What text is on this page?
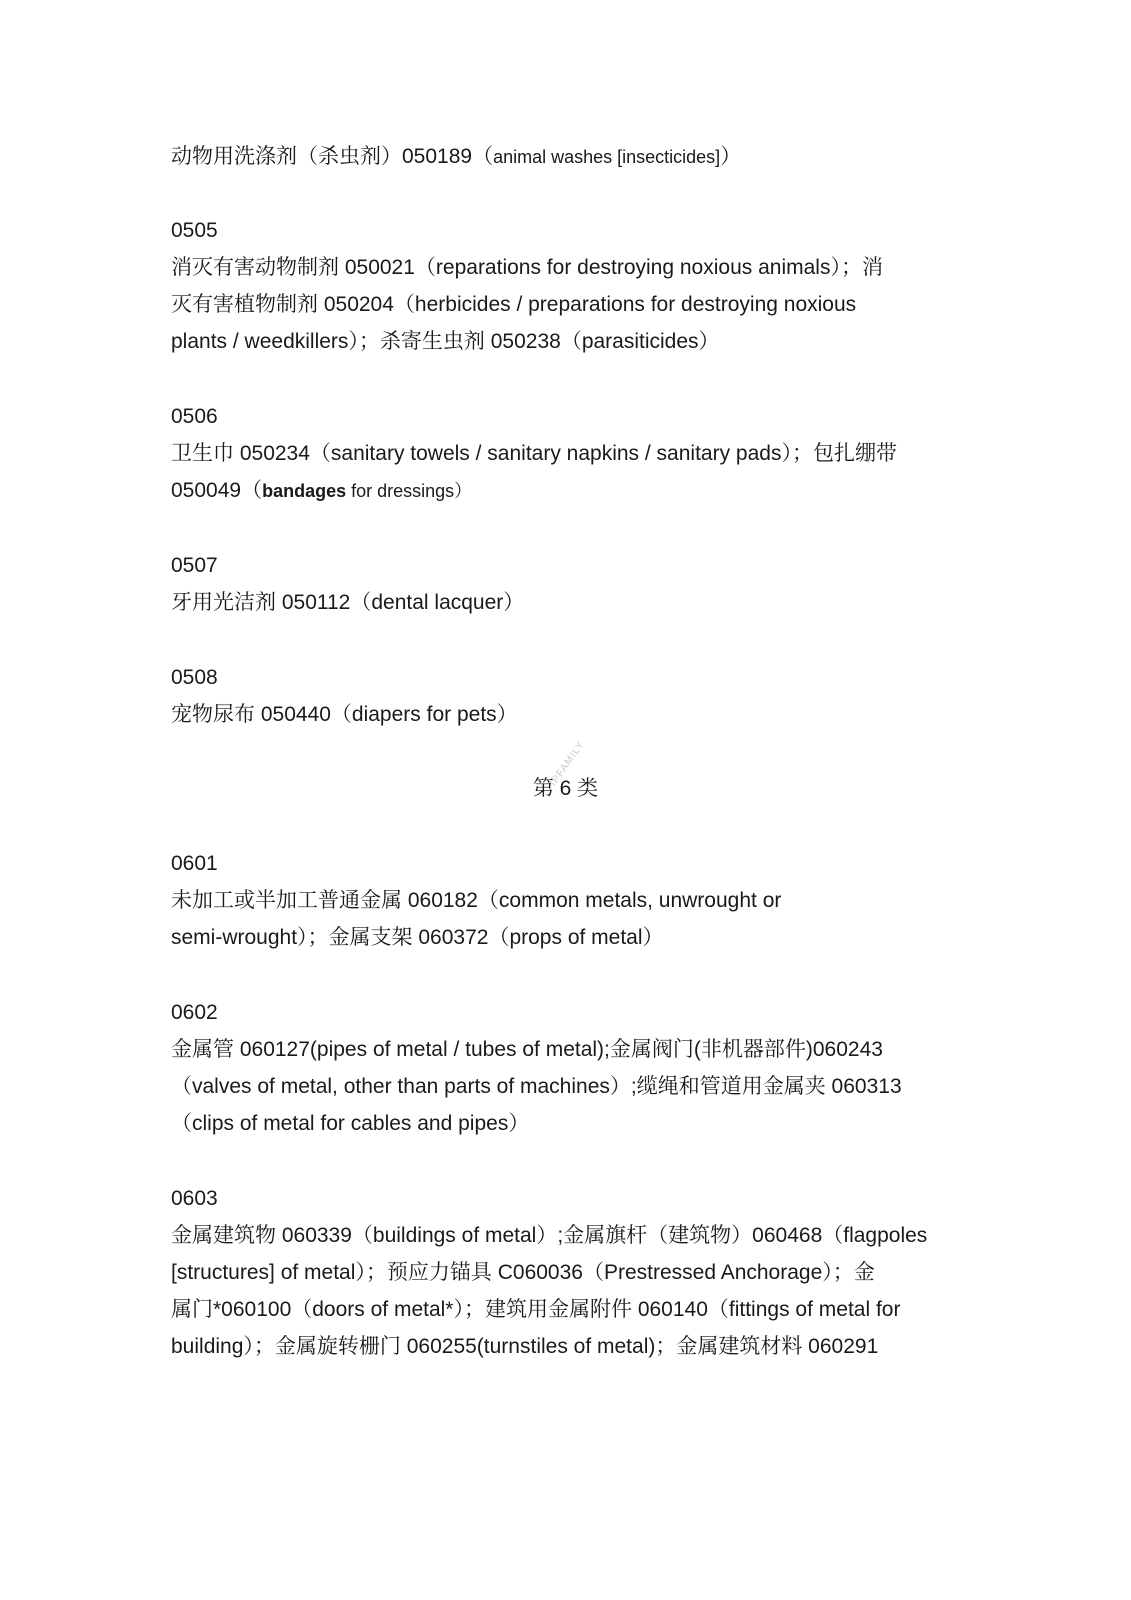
动物用洗涤剂（杀虫剂）050189（animal washes [insecticides]）
0505
消灭有害动物制剂 050021（reparations for destroying noxious animals）；消
灭有害植物制剂 050204（herbicides / preparations for destroying noxious
plants / weedkillers）；杀寄生虫剂 050238（parasiticides）
0506
卫生巾 050234（sanitary towels / sanitary napkins / sanitary pads）；包扎绷带
050049（bandages for dressings）
0507
牙用光洁剂 050112（dental lacquer）
0508
宠物尿布 050440（diapers for pets）
第 6 类
IPFAMILY
0601
未加工或半加工普通金属 060182（common metals, unwrought or
semi-wrought）；金属支架 060372（props of metal）
0602
金属管 060127(pipes of metal / tubes of metal);金属阀门(非机器部件)060243
（valves of metal, other than parts of machines）;缆绳和管道用金属夹 060313
（clips of metal for cables and pipes）
0603
金属建筑物 060339（buildings of metal）;金属旗杆（建筑物）060468（flagpoles
[structures] of metal）；预应力锚具 C060036（Prestressed Anchorage）；金
属门*060100（doors of metal*）；建筑用金属附件 060140（fittings of metal for
building）；金属旋转栅门 060255(turnstiles of metal)；金属建筑材料 060291
